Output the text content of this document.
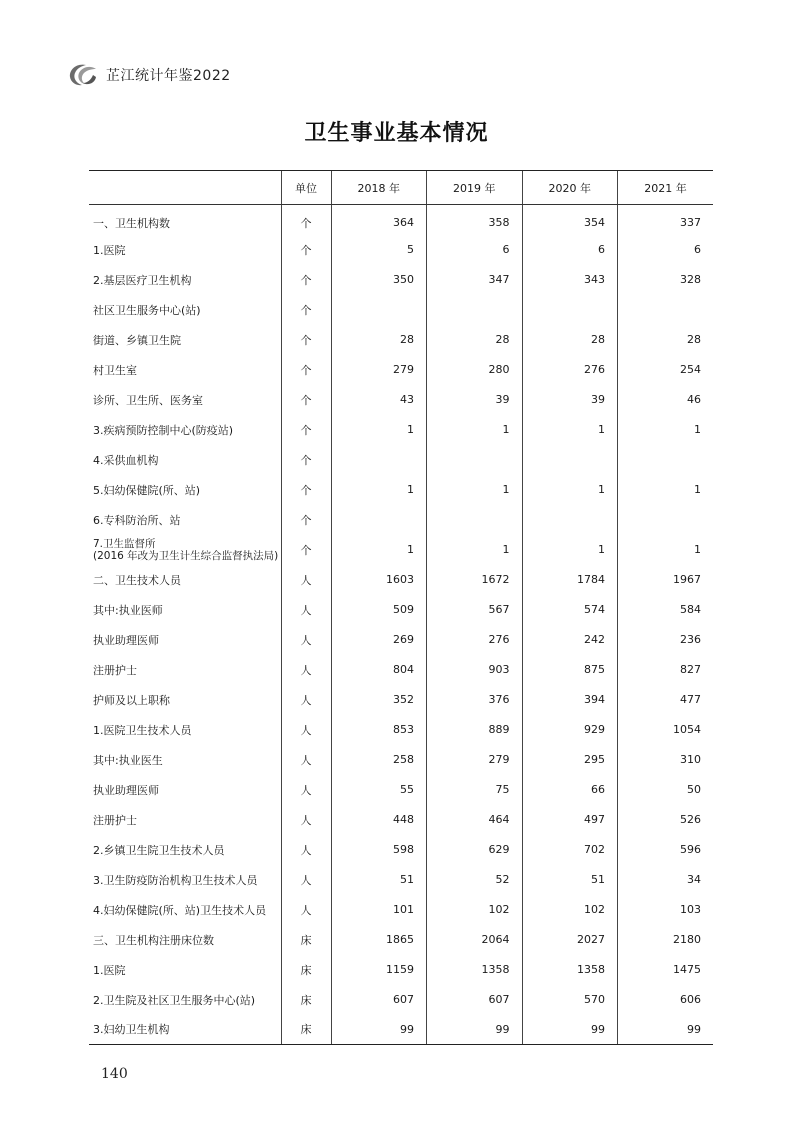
芷江统计年鉴2022
卫生事业基本情况
	单位	2018 年	2019 年	2020 年	2021 年
一、卫生机构数	个	364	358	354	337
1.医院	个	5	6	6	6
2.基层医疗卫生机构	个	350	347	343	328
社区卫生服务中心(站)	个				
街道、乡镇卫生院	个	28	28	28	28
村卫生室	个	279	280	276	254
诊所、卫生所、医务室	个	43	39	39	46
3.疾病预防控制中心(防疫站)	个	1	1	1	1
4.采供血机构	个				
5.妇幼保健院(所、站)	个	1	1	1	1
6.专科防治所、站	个				

7.卫生监督所
(2016 年改为卫生计生综合监督执法局)	个	1	1	1	1
二、卫生技术人员	人	1603	1672	1784	1967
其中:执业医师	人	509	567	574	584
执业助理医师	人	269	276	242	236
注册护士	人	804	903	875	827
护师及以上职称	人	352	376	394	477
1.医院卫生技术人员	人	853	889	929	1054
其中:执业医生	人	258	279	295	310
执业助理医师	人	55	75	66	50
注册护士	人	448	464	497	526
2.乡镇卫生院卫生技术人员	人	598	629	702	596
3.卫生防疫防治机构卫生技术人员	人	51	52	51	34
4.妇幼保健院(所、站)卫生技术人员	人	101	102	102	103
三、卫生机构注册床位数	床	1865	2064	2027	2180
1.医院	床	1159	1358	1358	1475
2.卫生院及社区卫生服务中心(站)	床	607	607	570	606
3.妇幼卫生机构	床	99	99	99	99
140
